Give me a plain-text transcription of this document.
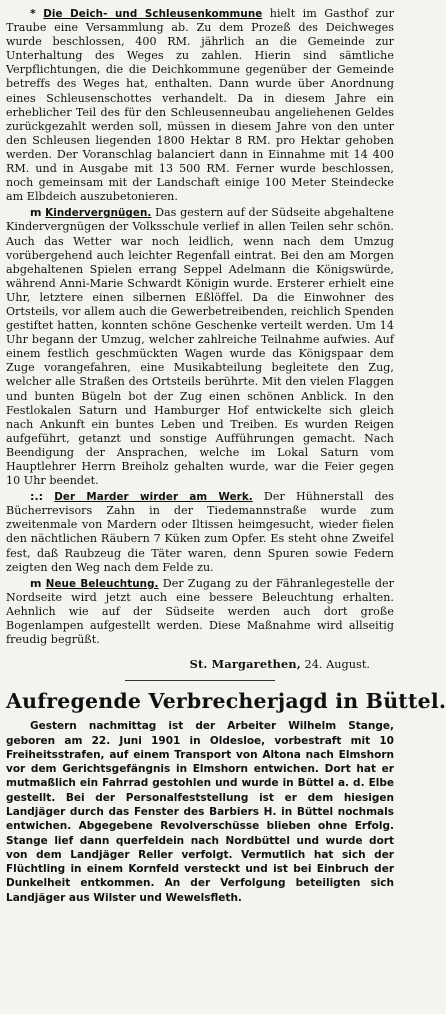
* Die Deich- und Schleusenkommune hielt im Gasthof zur Traube eine Versammlung ab. Zu dem Prozeß des Deichweges wurde beschlossen, 400 RM. jährlich an die Gemeinde zur Unterhaltung des Weges zu zahlen. Hierin sind sämtliche Verpflichtungen, die die Deichkommune gegenüber der Gemeinde betreffs des Weges hat, enthalten. Dann wurde über Anordnung eines Schleusenschottes verhandelt. Da in diesem Jahre ein erheblicher Teil des für den Schleusenneubau angeliehenen Geldes zurückgezahlt werden soll, müssen in diesem Jahre von den unter den Schleusen liegenden 1800 Hektar 8 RM. pro Hektar gehoben werden. Der Voranschlag balanciert dann in Einnahme mit 14 400 RM. und in Ausgabe mit 13 500 RM. Ferner wurde beschlossen, noch gemeinsam mit der Landschaft einige 100 Meter Steindecke am Elbdeich auszubetonieren.

m Kindervergnügen. Das gestern auf der Südseite abgehaltene Kindervergnügen der Volksschule verlief in allen Teilen sehr schön. Auch das Wetter war noch leidlich, wenn nach dem Umzug vorübergehend auch leichter Regenfall eintrat. Bei den am Morgen abgehaltenen Spielen errang Seppel Adelmann die Königswürde, während Anni-Marie Schwardt Königin wurde. Ersterer erhielt eine Uhr, letztere einen silbernen Eßlöffel. Da die Einwohner des Ortsteils, vor allem auch die Gewerbetreibenden, reichlich Spenden gestiftet hatten, konnten schöne Geschenke verteilt werden. Um 14 Uhr begann der Umzug, welcher zahlreiche Teilnahme aufwies. Auf einem festlich geschmückten Wagen wurde das Königspaar dem Zuge vorangefahren, eine Musikabteilung begleitete den Zug, welcher alle Straßen des Ortsteils berührte. Mit den vielen Flaggen und bunten Bügeln bot der Zug einen schönen Anblick. In den Festlokalen Saturn und Hamburger Hof entwickelte sich gleich nach Ankunft ein buntes Leben und Treiben. Es wurden Reigen aufgeführt, getanzt und sonstige Aufführungen gemacht. Nach Beendigung der Ansprachen, welche im Lokal Saturn vom Hauptlehrer Herrn Breiholz gehalten wurde, war die Feier gegen 10 Uhr beendet.

:.: Der Marder wirder am Werk. Der Hühnerstall des Bücherrevisors Zahn in der Tiedemannstraße wurde zum zweitenmale von Mardern oder Iltissen heimgesucht, wieder fielen den nächtlichen Räubern 7 Küken zum Opfer. Es steht ohne Zweifel fest, daß Raubzeug die Täter waren, denn Spuren sowie Federn zeigten den Weg nach dem Felde zu.

m Neue Beleuchtung. Der Zugang zu der Fähranlegestelle der Nordseite wird jetzt auch eine bessere Beleuchtung erhalten. Aehnlich wie auf der Südseite werden auch dort große Bogenlampen aufgestellt werden. Diese Maßnahme wird allseitig freudig begrüßt.

St. Margarethen, 24. August.
Aufregende Verbrecherjagd in Büttel.

Gestern nachmittag ist der Arbeiter Wilhelm Stange, geboren am 22. Juni 1901 in Oldesloe, vorbestraft mit 10 Freiheitsstrafen, auf einem Transport von Altona nach Elmshorn vor dem Gerichtsgefängnis in Elmshorn entwichen. Dort hat er mutmaßlich ein Fahrrad gestohlen und wurde in Büttel a. d. Elbe gestellt. Bei der Personalfeststellung ist er dem hiesigen Landjäger durch das Fenster des Barbiers H. in Büttel nochmals entwichen. Abgegebene Revolverschüsse blieben ohne Erfolg. Stange lief dann querfeldein nach Nordbüttel und wurde dort von dem Landjäger Reller verfolgt. Vermutlich hat sich der Flüchtling in einem Kornfeld versteckt und ist bei Einbruch der Dunkelheit entkommen. An der Verfolgung beteiligten sich Landjäger aus Wilster und Wewelsfleth.
